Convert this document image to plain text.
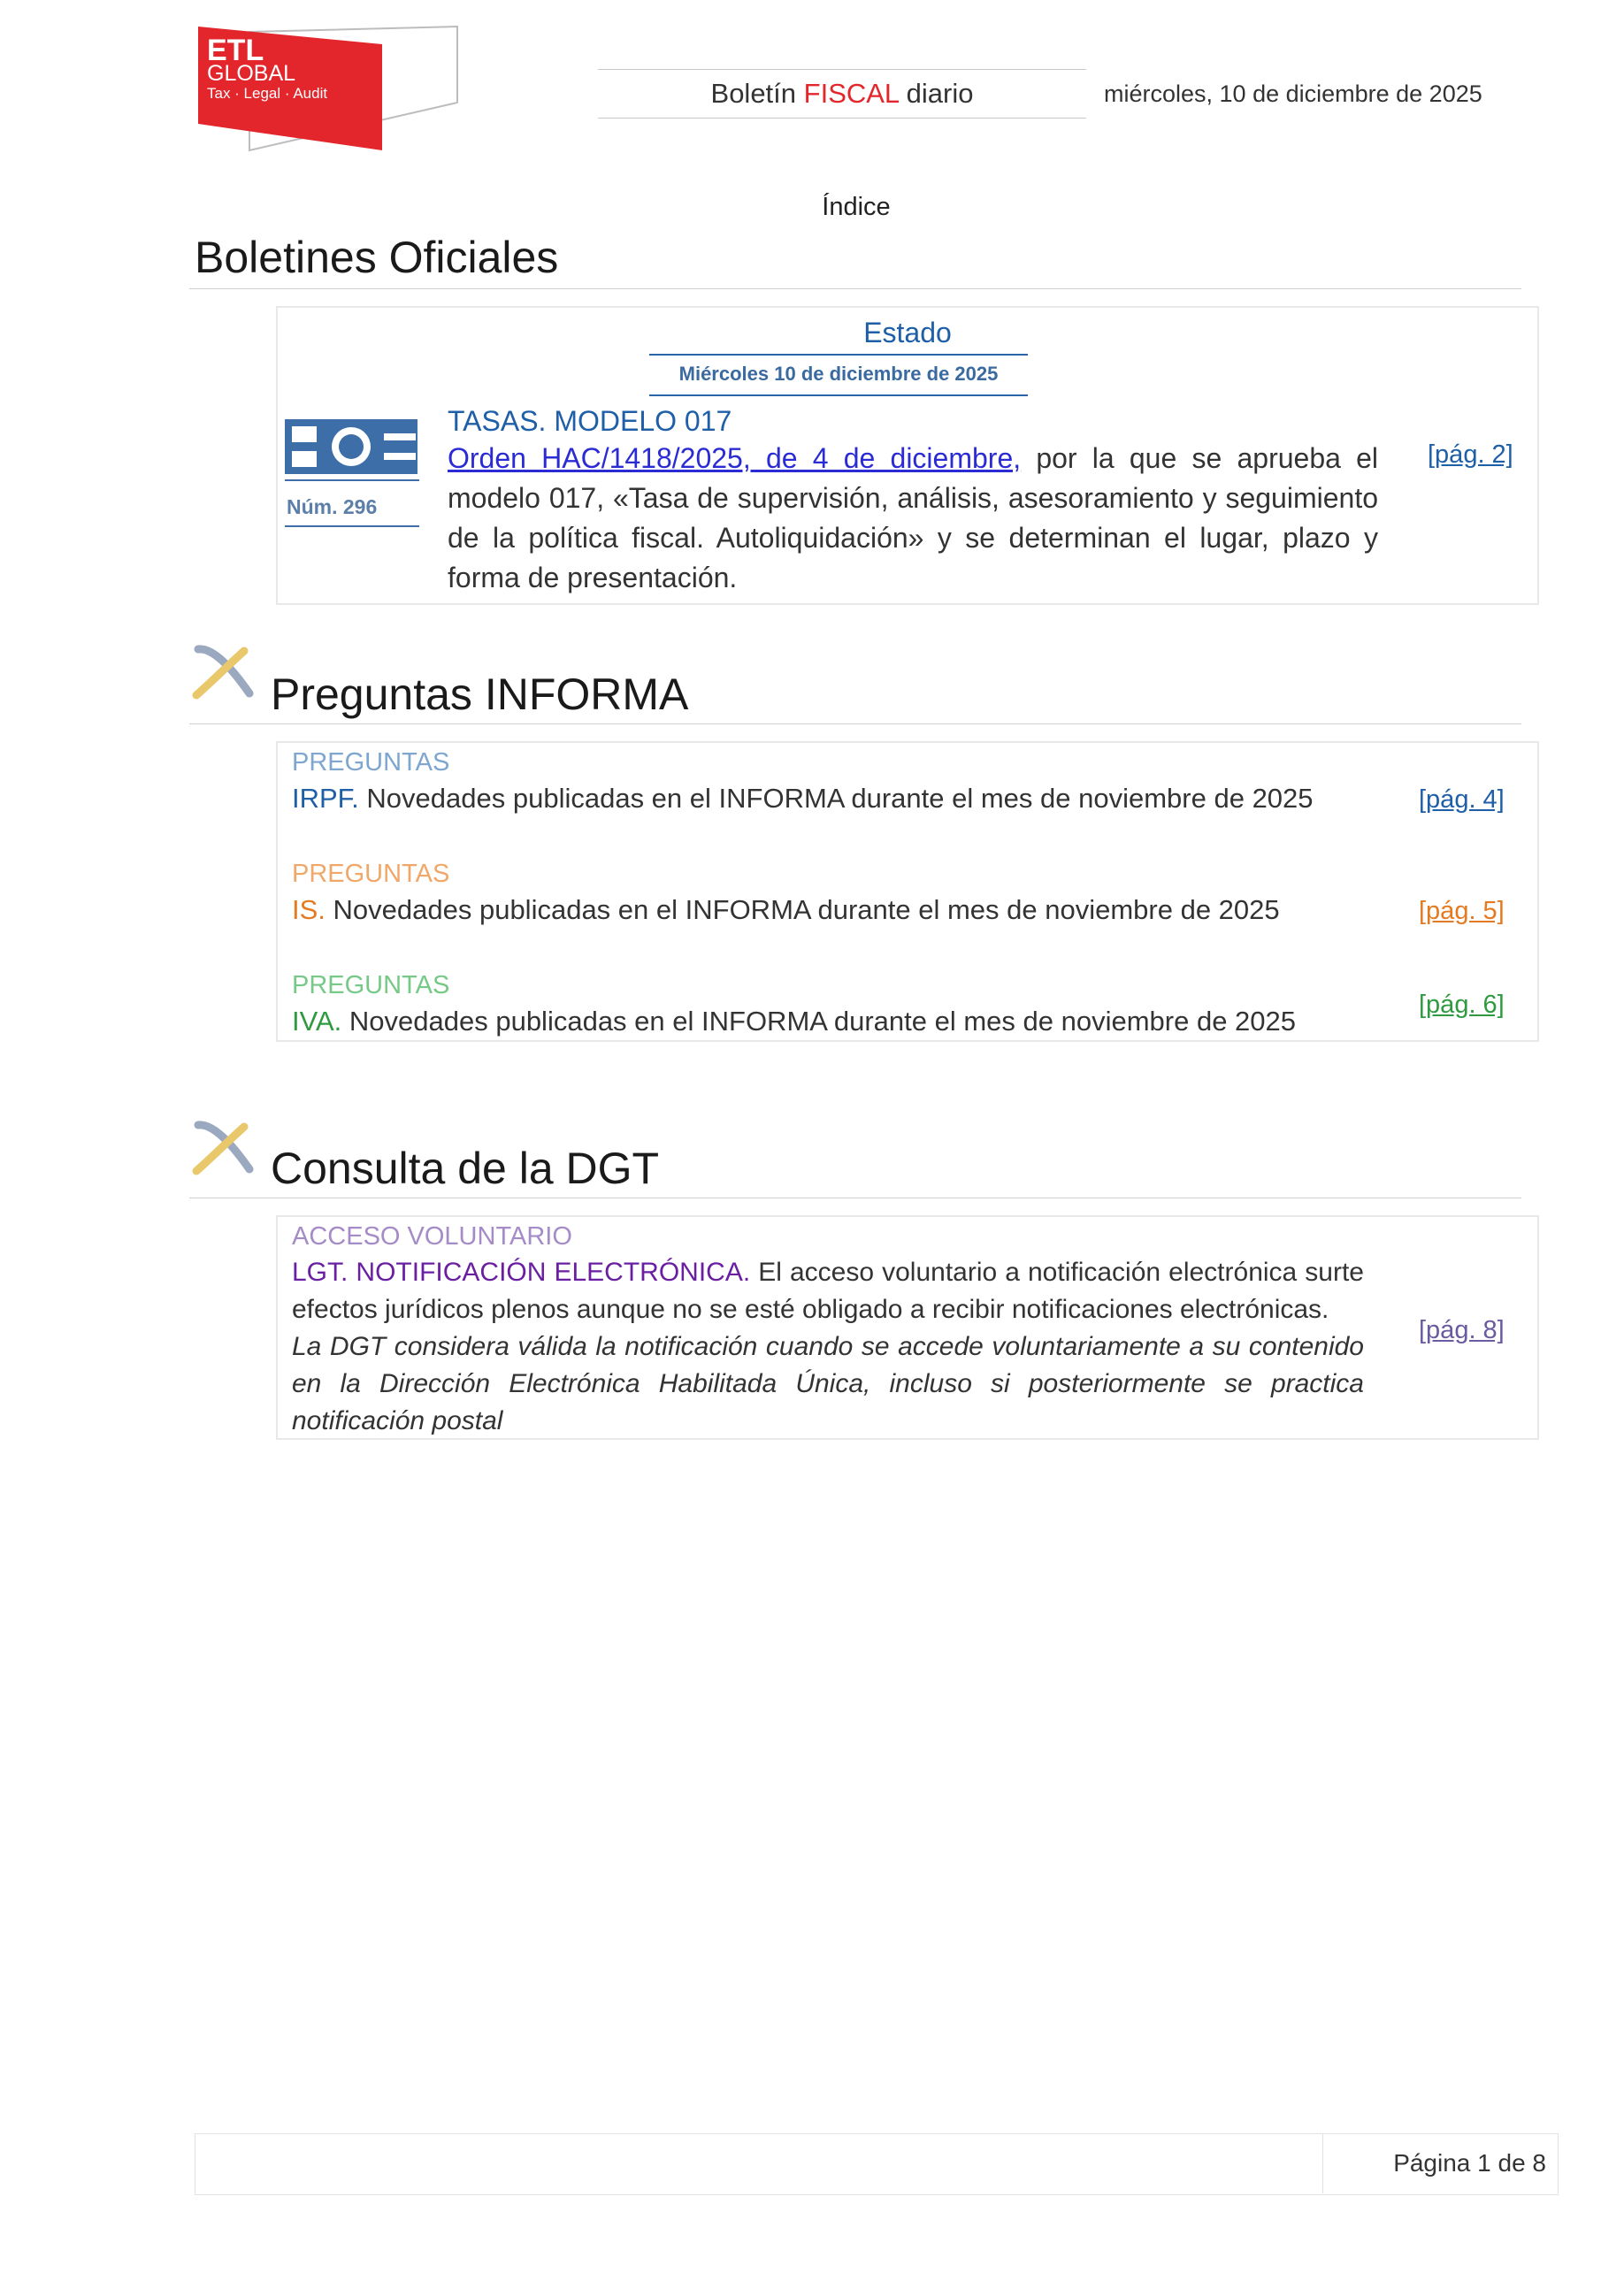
ETL
GLOBAL
Tax · Legal · Audit	Boletín FISCAL diario	miércoles, 10 de diciembre de 2025
Índice
Boletines Oficiales
Estado
Miércoles 10 de diciembre de 2025
Núm. 296
TASAS. MODELO 017
Orden HAC/1418/2025, de 4 de diciembre, por la que se aprueba el modelo 017, «Tasa de supervisión, análisis, asesoramiento y seguimiento de la política fiscal. Autoliquidación» y se determinan el lugar, plazo y forma de presentación.
[pág. 2]
Preguntas INFORMA
PREGUNTAS
IRPF. Novedades publicadas en el INFORMA durante el mes de noviembre de 2025	[pág. 4]
PREGUNTAS
IS. Novedades publicadas en el INFORMA durante el mes de noviembre de 2025	[pág. 5]
PREGUNTAS
IVA. Novedades publicadas en el INFORMA durante el mes de noviembre de 2025
[pág. 6]
Consulta de la DGT
ACCESO VOLUNTARIO
LGT. NOTIFICACIÓN ELECTRÓNICA. El acceso voluntario a notificación electrónica surte efectos jurídicos plenos aunque no se esté obligado a recibir notificaciones electrónicas.
La DGT considera válida la notificación cuando se accede voluntariamente a su contenido en la Dirección Electrónica Habilitada Única, incluso si posteriormente se practica notificación postal
[pág. 8]
Página 1 de 8
